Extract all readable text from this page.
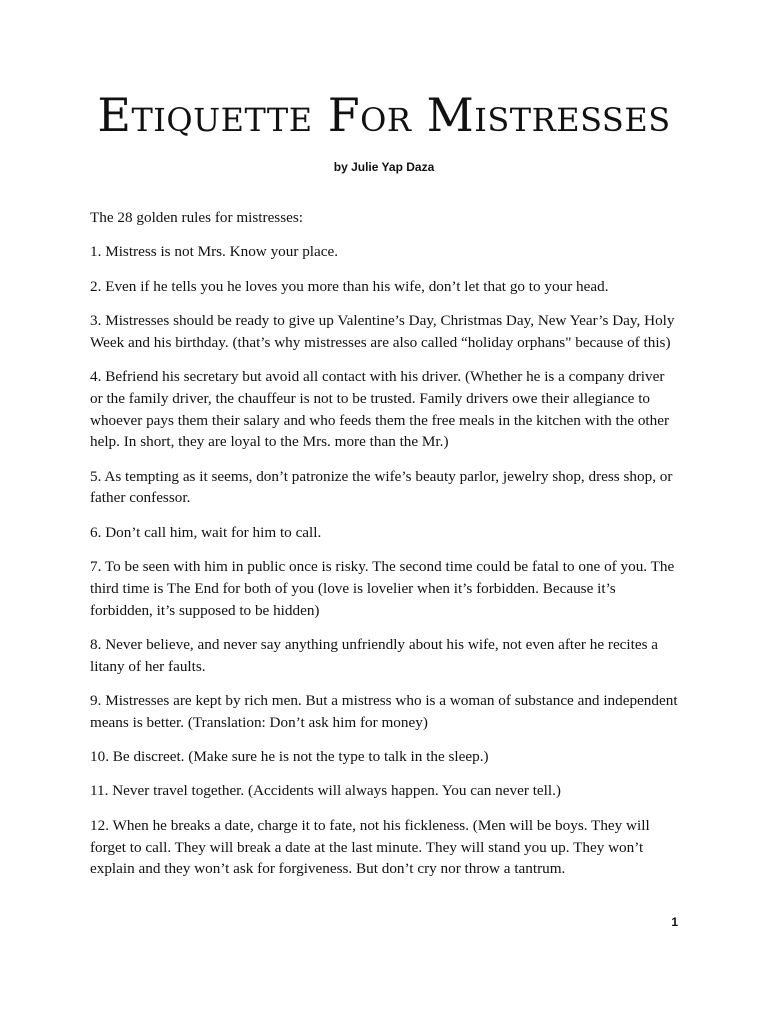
Etiquette For Mistresses
by Julie Yap Daza

The 28 golden rules for mistresses:

1. Mistress is not Mrs. Know your place.

2. Even if he tells you he loves you more than his wife, don’t let that go to your head.

3. Mistresses should be ready to give up Valentine’s Day, Christmas Day, New Year’s Day, Holy Week and his birthday. (that’s why mistresses are also called “holiday orphans" because of this)

4. Befriend his secretary but avoid all contact with his driver. (Whether he is a company driver or the family driver, the chauffeur is not to be trusted. Family drivers owe their allegiance to whoever pays them their salary and who feeds them the free meals in the kitchen with the other help. In short, they are loyal to the Mrs. more than the Mr.)

5. As tempting as it seems, don’t patronize the wife’s beauty parlor, jewelry shop, dress shop, or father confessor.

6. Don’t call him, wait for him to call.

7. To be seen with him in public once is risky. The second time could be fatal to one of you. The third time is The End for both of you (love is lovelier when it’s forbidden. Because it’s forbidden, it’s supposed to be hidden)

8. Never believe, and never say anything unfriendly about his wife, not even after he recites a litany of her faults.

9. Mistresses are kept by rich men. But a mistress who is a woman of substance and independent means is better. (Translation: Don’t ask him for money)

10. Be discreet. (Make sure he is not the type to talk in the sleep.)

11. Never travel together. (Accidents will always happen. You can never tell.)

12. When he breaks a date, charge it to fate, not his fickleness. (Men will be boys. They will forget to call. They will break a date at the last minute. They will stand you up. They won’t explain and they won’t ask for forgiveness. But don’t cry nor throw a tantrum.

1
